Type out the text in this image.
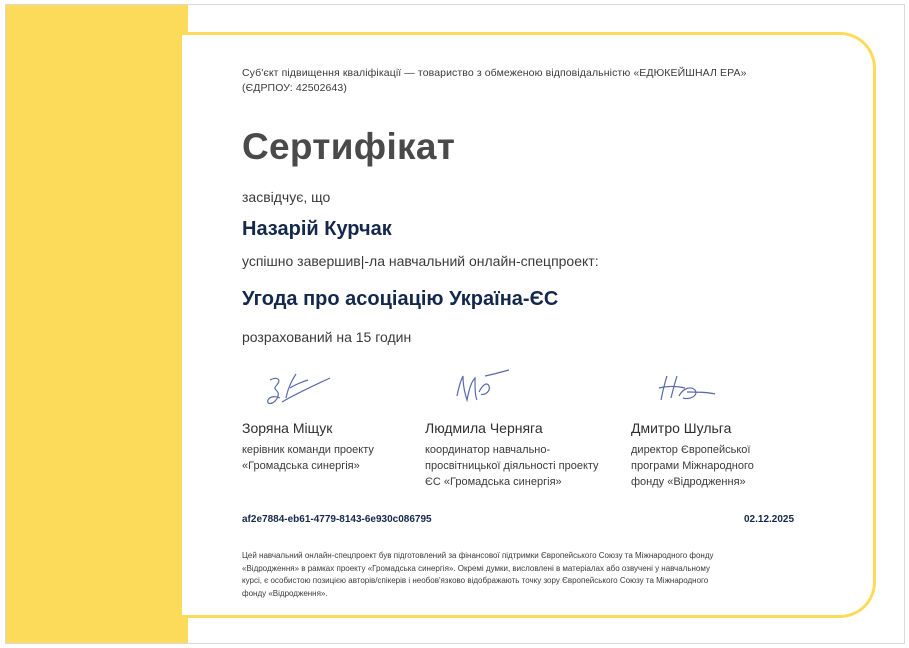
Суб'єкт підвищення кваліфікації — товариство з обмеженою відповідальністю «ЕДЮКЕЙШНАЛ ЕРА»
(ЄДРПОУ: 42502643)
Сертифікат
засвідчує, що
Назарій Курчак
успішно завершив|-ла навчальний онлайн-спецпроект:
Угода про асоціацію Україна-ЄС
розрахований на 15 годин
Зоряна Міщук
керівник команди проекту
«Громадська синергія»
Людмила Черняга
координатор навчально-
просвітницької діяльності проекту
ЄС «Громадська синергія»
Дмитро Шульга
директор Європейської
програми Міжнародного
фонду «Відродження»
af2e7884-eb61-4779-8143-6e930c086795	02.12.2025
Цей навчальний онлайн-спецпроект був підготовлений за фінансової підтримки Європейського Союзу та Міжнародного фонду
«Відродження» в рамках проекту «Громадська синергія». Окремі думки, висловлені в матеріалах або озвучені у навчальному
курсі, є особистою позицією авторів/спікерів і необов'язково відображають точку зору Європейського Союзу та Міжнародного
фонду «Відродження».
